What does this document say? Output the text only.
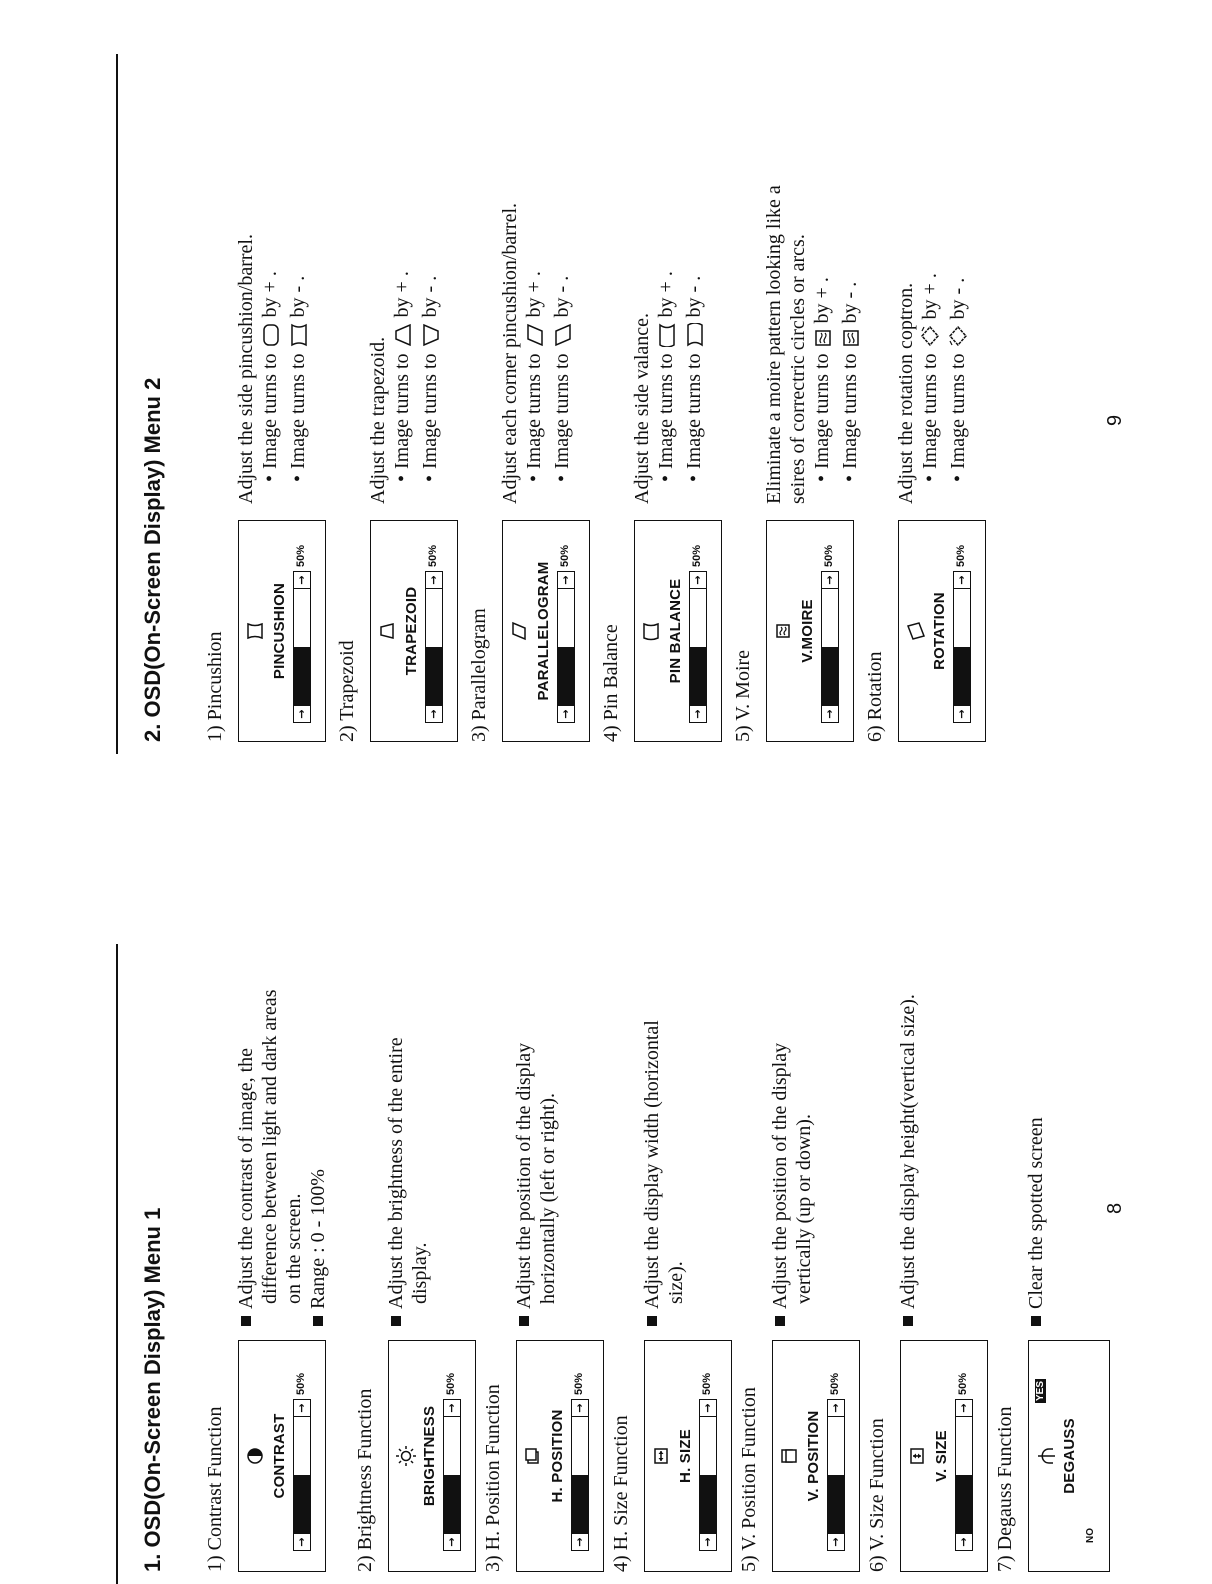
1. OSD(On-Screen Display) Menu 1 1) Contrast Function	CONTRAST
→
→
50%
Adjust the contrast of image, the difference between light and dark areas on the screen. Range : 0 - 100%
2) Brightness Function	BRIGHTNESS
→
→
50%
Adjust the brightness of the entire display.
3) H. Position Function	H. POSITION
→
→
50%
Adjust the position of the display horizontally (left or right).
4) H. Size Function	H. SIZE
→
→
50%
Adjust the display width (horizontal size).
5) V. Position Function	V. POSITION
→
→
50%
Adjust the position of the display vertically (up or down).
6) V. Size Function	V. SIZE
→
→
50%
Adjust the display height(vertical size).
7) Degauss Function	DEGAUSS
NO
YES
Clear the spotted screen	8
2. OSD(On-Screen Display) Menu 2 1) Pincushion
PINCUSHION
→
→
50%
Adjust the side pincushion/barrel. •Image turns toby + .
•Image turns toby - .
2) Trapezoid
TRAPEZOID
→
→
50%
Adjust the trapezoid. •Image turns toby + .
•Image turns toby - .
3) Parallelogram	PARALLELOGRAM
→
→
50%
Adjust each corner pincushion/barrel. •Image turns toby + .
•Image turns toby - .
4) Pin Balance	PIN BALANCE
→
→
50%
Adjust the side valance. •Image turns toby + .
•Image turns toby - .
5) V. Moire
V.MOIRE
→
→
50%
Eliminate a moire pattern looking like a seires of correctric circles or arcs. •Image turns toby + .
•Image turns toby - .
6) Rotation
ROTATION
→
→
50%
Adjust the rotation coptron. •Image turns toby + .
•Image turns toby - .
9
